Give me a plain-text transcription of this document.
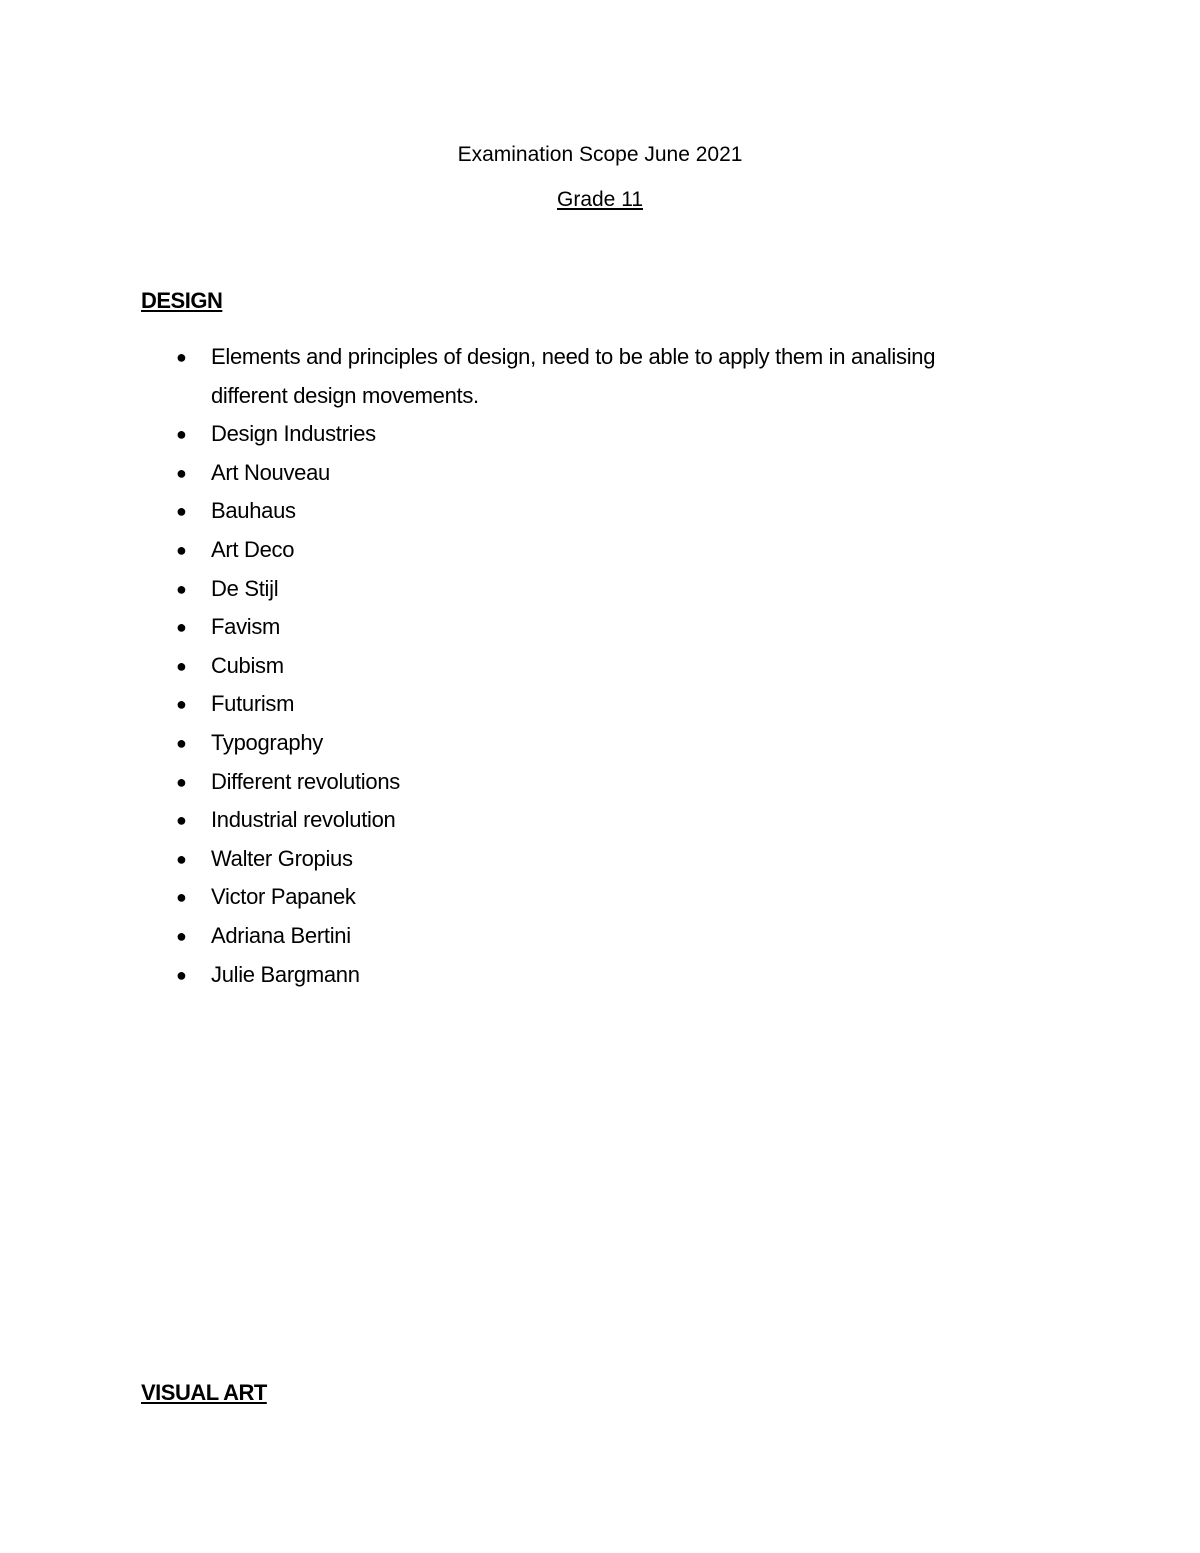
Examination Scope June 2021
Grade 11
DESIGN
● Elements and principles of design, need to be able to apply them in analising different design movements.
● Design Industries
● Art Nouveau
● Bauhaus
● Art Deco
● De Stijl
● Favism
● Cubism
● Futurism
● Typography
● Different revolutions
● Industrial revolution
● Walter Gropius
● Victor Papanek
● Adriana Bertini
● Julie Bargmann
VISUAL ART
